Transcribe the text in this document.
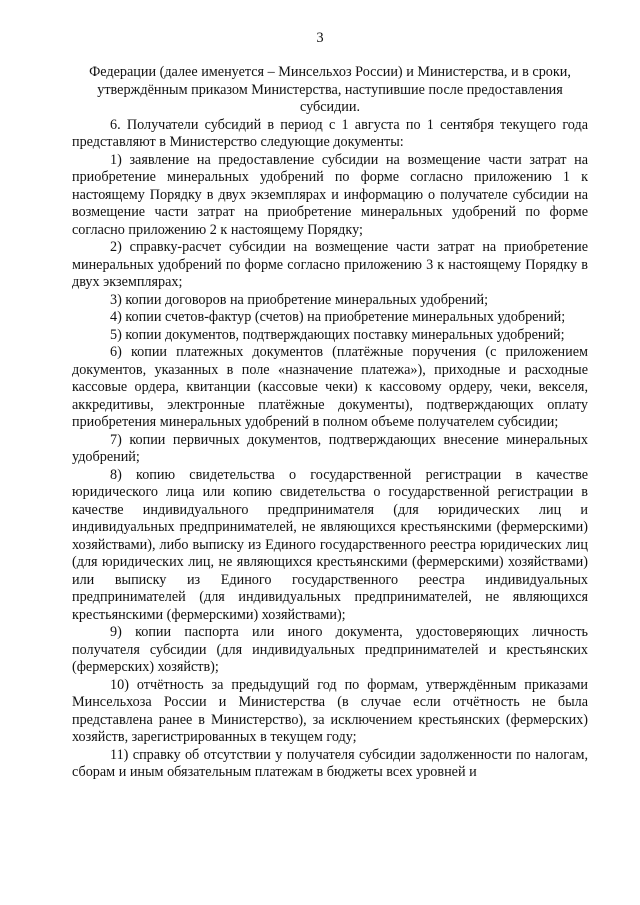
3

Федерации (далее именуется – Минсельхоз России) и Министерства, и в сроки, утверждённым приказом Министерства, наступившие после предоставления субсидии.

6. Получатели субсидий в период с 1 августа по 1 сентября текущего года представляют в Министерство следующие документы:

1) заявление на предоставление субсидии на возмещение части затрат на приобретение минеральных удобрений по форме согласно приложению 1 к настоящему Порядку в двух экземплярах и информацию о получателе субсидии на возмещение части затрат на приобретение минеральных удобрений по форме согласно приложению 2 к настоящему Порядку;

2) справку-расчет субсидии на возмещение части затрат на приобретение минеральных удобрений по форме согласно приложению 3 к настоящему Порядку в двух экземплярах;

3) копии договоров на приобретение минеральных удобрений;

4) копии счетов-фактур (счетов) на приобретение минеральных удобрений;

5) копии документов, подтверждающих поставку минеральных удобрений;

6) копии платежных документов (платёжные поручения (с приложением документов, указанных в поле «назначение платежа»), приходные и расходные кассовые ордера, квитанции (кассовые чеки) к кассовому ордеру, чеки, векселя, аккредитивы, электронные платёжные документы), подтверждающих оплату приобретения минеральных удобрений в полном объеме получателем субсидии;

7) копии первичных документов, подтверждающих внесение минеральных удобрений;

8) копию свидетельства о государственной регистрации в качестве юридического лица или копию свидетельства о государственной регистрации в качестве индивидуального предпринимателя (для юридических лиц и индивидуальных предпринимателей, не являющихся крестьянскими (фермерскими) хозяйствами), либо выписку из Единого государственного реестра юридических лиц (для юридических лиц, не являющихся крестьянскими (фермерскими) хозяйствами) или выписку из Единого государственного реестра индивидуальных предпринимателей (для индивидуальных предпринимателей, не являющихся крестьянскими (фермерскими) хозяйствами);

9) копии паспорта или иного документа, удостоверяющих личность получателя субсидии (для индивидуальных предпринимателей и крестьянских (фермерских) хозяйств);

10) отчётность за предыдущий год по формам, утверждённым приказами Минсельхоза России и Министерства (в случае если отчётность не была представлена ранее в Министерство), за исключением крестьянских (фермерских) хозяйств, зарегистрированных в текущем году;

11) справку об отсутствии у получателя субсидии задолженности по налогам, сборам и иным обязательным платежам в бюджеты всех уровней и
